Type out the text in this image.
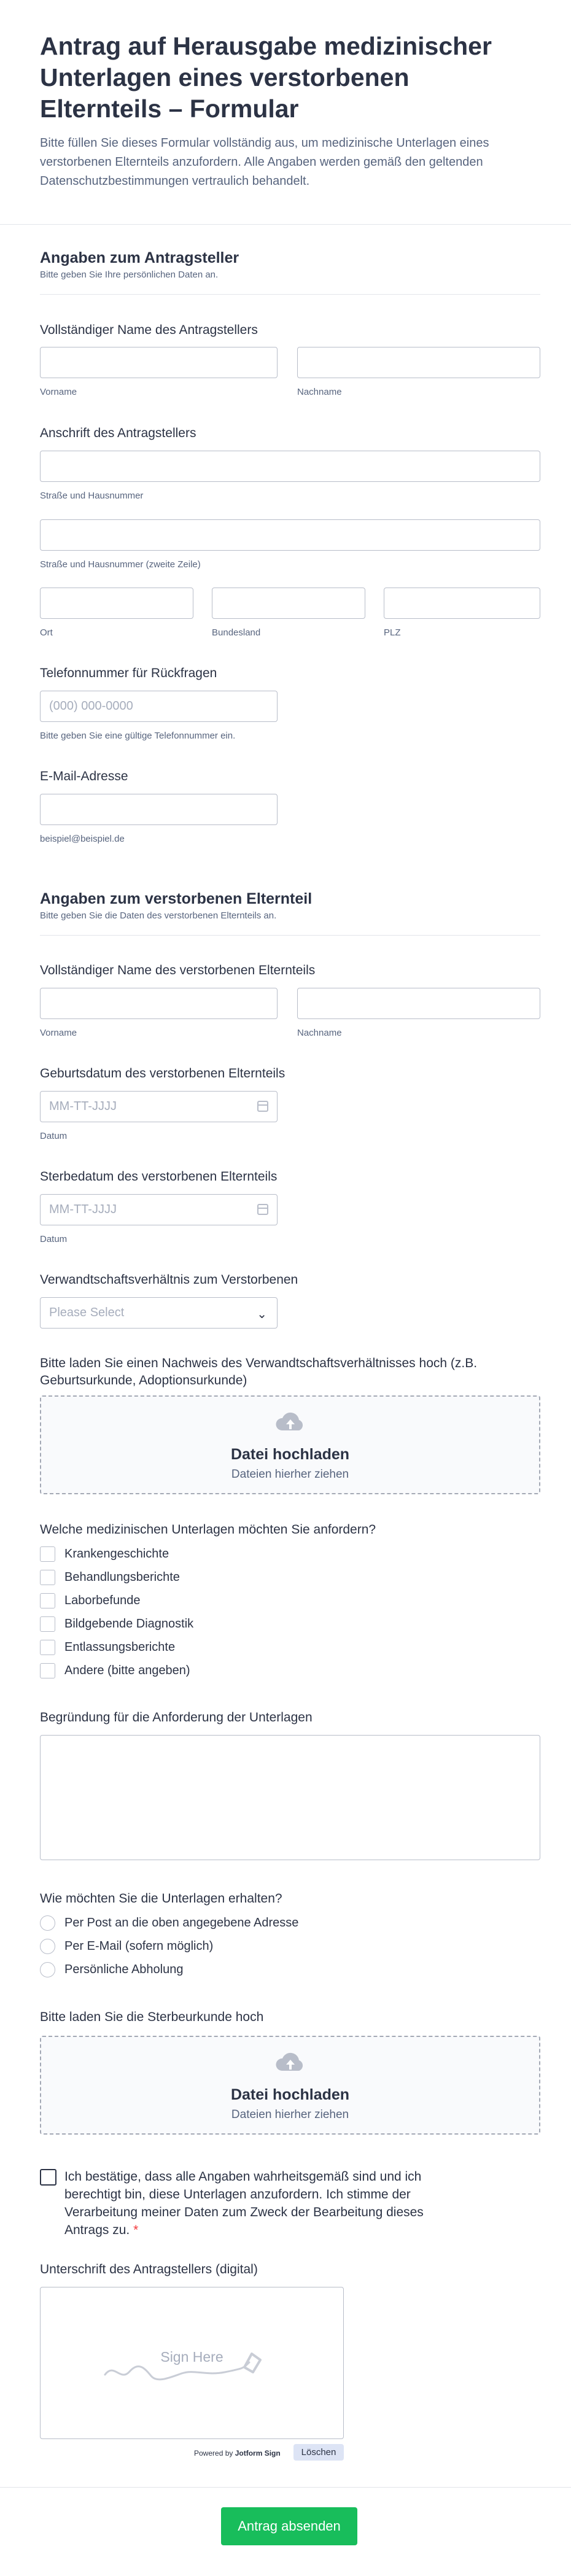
Antrag auf Herausgabe medizinischer Unterlagen eines verstorbenen Elternteils – Formular

Bitte füllen Sie dieses Formular vollständig aus, um medizinische Unterlagen eines verstorbenen Elternteils anzufordern. Alle Angaben werden gemäß den geltenden Datenschutzbestimmungen vertraulich behandelt.

Angaben zum Antragsteller
Bitte geben Sie Ihre persönlichen Daten an.
Vollständiger Name des Antragstellers
Vorname	Nachname
Anschrift des Antragstellers
Straße und Hausnummer
Straße und Hausnummer (zweite Zeile)
Ort	Bundesland	PLZ
Telefonnummer für Rückfragen
(000) 000-0000
Bitte geben Sie eine gültige Telefonnummer ein.
E-Mail-Adresse
beispiel@beispiel.de
Angaben zum verstorbenen Elternteil
Bitte geben Sie die Daten des verstorbenen Elternteils an.
Vollständiger Name des verstorbenen Elternteils
Vorname	Nachname
Geburtsdatum des verstorbenen Elternteils
MM-TT-JJJJ
Datum
Sterbedatum des verstorbenen Elternteils
MM-TT-JJJJ
Datum
Verwandtschaftsverhältnis zum Verstorbenen
Please Select	⌄
Bitte laden Sie einen Nachweis des Verwandtschaftsverhältnisses hoch (z.B. Geburtsurkunde, Adoptionsurkunde)
Datei hochladen
Dateien hierher ziehen
Welche medizinischen Unterlagen möchten Sie anfordern?
Krankengeschichte
Behandlungsberichte
Laborbefunde
Bildgebende Diagnostik
Entlassungsberichte
Andere (bitte angeben)
Begründung für die Anforderung der Unterlagen
Wie möchten Sie die Unterlagen erhalten?
Per Post an die oben angegebene Adresse
Per E-Mail (sofern möglich)
Persönliche Abholung
Bitte laden Sie die Sterbeurkunde hoch
Datei hochladen
Dateien hierher ziehen
Ich bestätige, dass alle Angaben wahrheitsgemäß sind und ich berechtigt bin, diese Unterlagen anzufordern. Ich stimme der Verarbeitung meiner Daten zum Zweck der Bearbeitung dieses Antrags zu. *
Unterschrift des Antragstellers (digital)
Sign Here
Powered by Jotform Sign	Löschen
Antrag absenden
